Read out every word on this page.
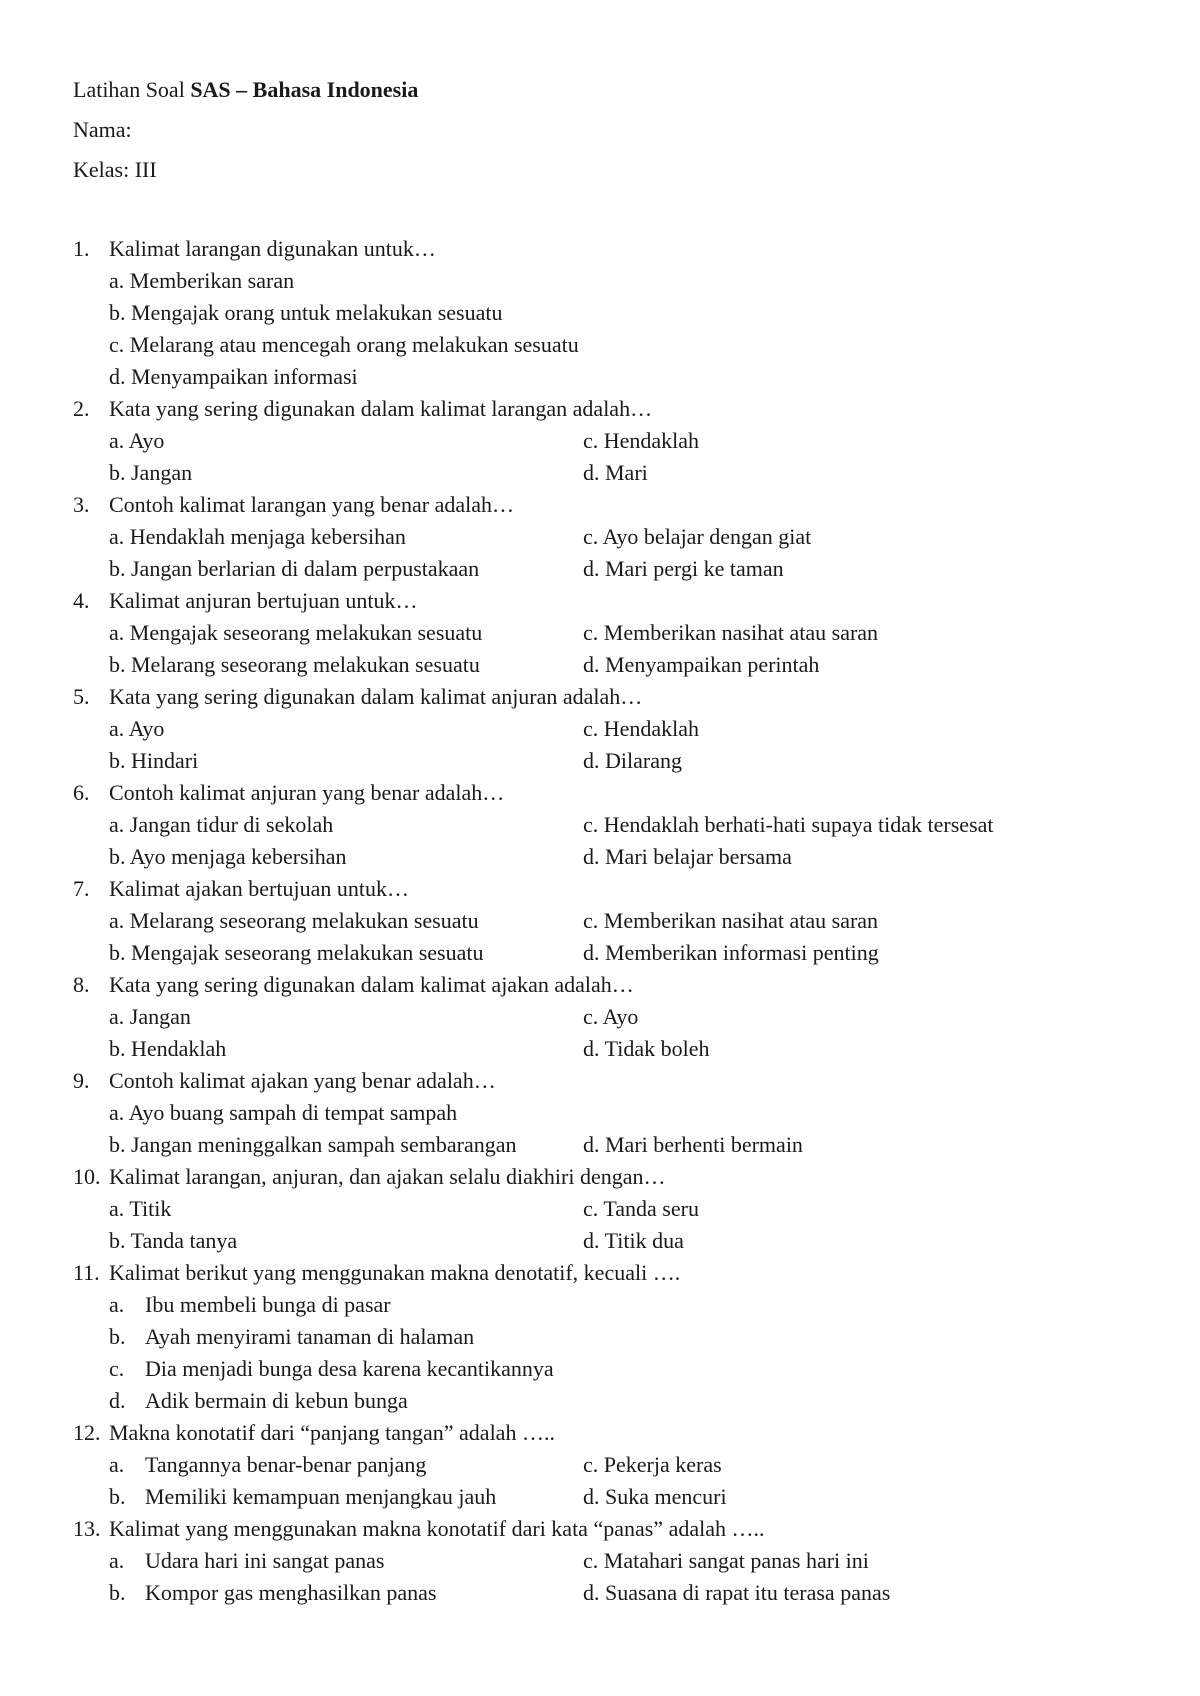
Latihan Soal SAS – Bahasa Indonesia
Nama:
Kelas: III
1. Kalimat larangan digunakan untuk…
a. Memberikan saran
b. Mengajak orang untuk melakukan sesuatu
c. Melarang atau mencegah orang melakukan sesuatu
d. Menyampaikan informasi
2. Kata yang sering digunakan dalam kalimat larangan adalah…
a. Ayo	c. Hendaklah
b. Jangan	d. Mari
3. Contoh kalimat larangan yang benar adalah…
a. Hendaklah menjaga kebersihan	c. Ayo belajar dengan giat
b. Jangan berlarian di dalam perpustakaan	d. Mari pergi ke taman
4. Kalimat anjuran bertujuan untuk…
a. Mengajak seseorang melakukan sesuatu	c. Memberikan nasihat atau saran
b. Melarang seseorang melakukan sesuatu	d. Menyampaikan perintah
5. Kata yang sering digunakan dalam kalimat anjuran adalah…
a. Ayo	c. Hendaklah
b. Hindari	d. Dilarang
6. Contoh kalimat anjuran yang benar adalah…
a. Jangan tidur di sekolah	c. Hendaklah berhati-hati supaya tidak tersesat
b. Ayo menjaga kebersihan	d. Mari belajar bersama
7. Kalimat ajakan bertujuan untuk…
a. Melarang seseorang melakukan sesuatu	c. Memberikan nasihat atau saran
b. Mengajak seseorang melakukan sesuatu	d. Memberikan informasi penting
8. Kata yang sering digunakan dalam kalimat ajakan adalah…
a. Jangan	c. Ayo
b. Hendaklah	d. Tidak boleh
9. Contoh kalimat ajakan yang benar adalah…
a. Ayo buang sampah di tempat sampah
b. Jangan meninggalkan sampah sembarangan	d. Mari berhenti bermain
10. Kalimat larangan, anjuran, dan ajakan selalu diakhiri dengan…
a. Titik	c. Tanda seru
b. Tanda tanya	d. Titik dua
11. Kalimat berikut yang menggunakan makna denotatif, kecuali ….
a. Ibu membeli bunga di pasar
b. Ayah menyirami tanaman di halaman
c. Dia menjadi bunga desa karena kecantikannya
d. Adik bermain di kebun bunga
12. Makna konotatif dari “panjang tangan” adalah …..
a. Tangannya benar-benar panjang	c. Pekerja keras
b. Memiliki kemampuan menjangkau jauh	d. Suka mencuri
13. Kalimat yang menggunakan makna konotatif dari kata “panas” adalah …..
a. Udara hari ini sangat panas	c. Matahari sangat panas hari ini
b. Kompor gas menghasilkan panas	d. Suasana di rapat itu terasa panas
